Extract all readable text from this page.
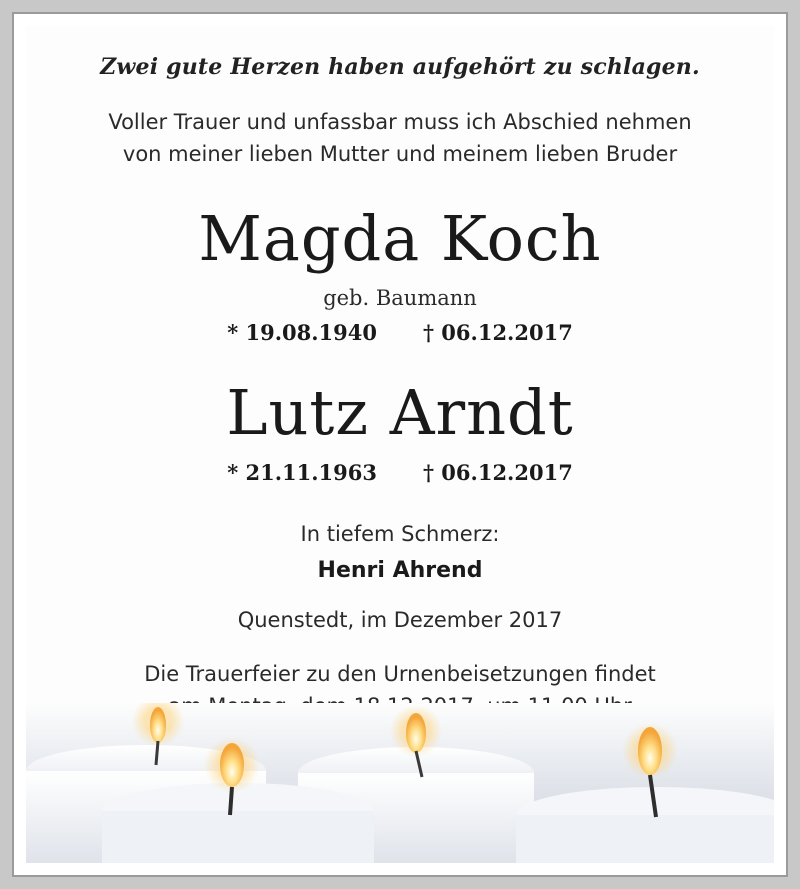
Zwei gute Herzen haben aufgehört zu schlagen.
Voller Trauer und unfassbar muss ich Abschied nehmen
von meiner lieben Mutter und meinem lieben Bruder
Magda Koch
geb. Baumann
* 19.08.1940 † 06.12.2017
Lutz Arndt
* 21.11.1963 † 06.12.2017
In tiefem Schmerz:
Henri Ahrend
Quenstedt, im Dezember 2017
Die Trauerfeier zu den Urnenbeisetzungen findet
